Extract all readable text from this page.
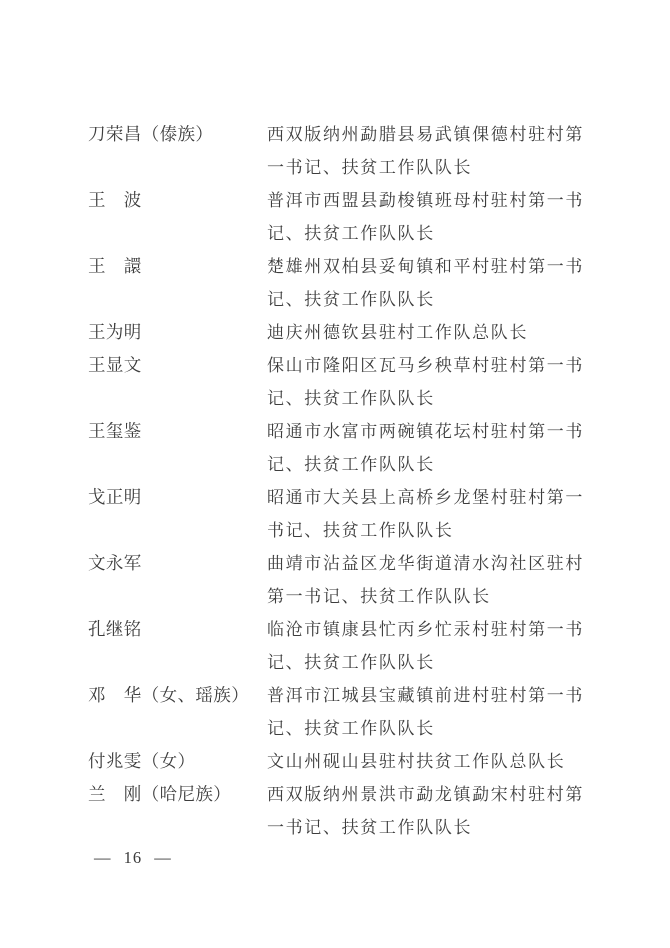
刀荣昌（傣族）	西双版纳州勐腊县易武镇倮德村驻村第
一书记、扶贫工作队队长
王　波	普洱市西盟县勐梭镇班母村驻村第一书
记、扶贫工作队队长
王　譞	楚雄州双柏县妥甸镇和平村驻村第一书
记、扶贫工作队队长
王为明	迪庆州德钦县驻村工作队总队长
王显文	保山市隆阳区瓦马乡秧草村驻村第一书
记、扶贫工作队队长
王玺鉴	昭通市水富市两碗镇花坛村驻村第一书
记、扶贫工作队队长
戈正明	昭通市大关县上高桥乡龙堡村驻村第一
书记、扶贫工作队队长
文永军	曲靖市沾益区龙华街道清水沟社区驻村
第一书记、扶贫工作队队长
孔继铭	临沧市镇康县忙丙乡忙汞村驻村第一书
记、扶贫工作队队长
邓　华（女、瑶族）	普洱市江城县宝藏镇前进村驻村第一书
记、扶贫工作队队长
付兆雯（女）	文山州砚山县驻村扶贫工作队总队长
兰　刚（哈尼族）	西双版纳州景洪市勐龙镇勐宋村驻村第
一书记、扶贫工作队队长
— 16 —
